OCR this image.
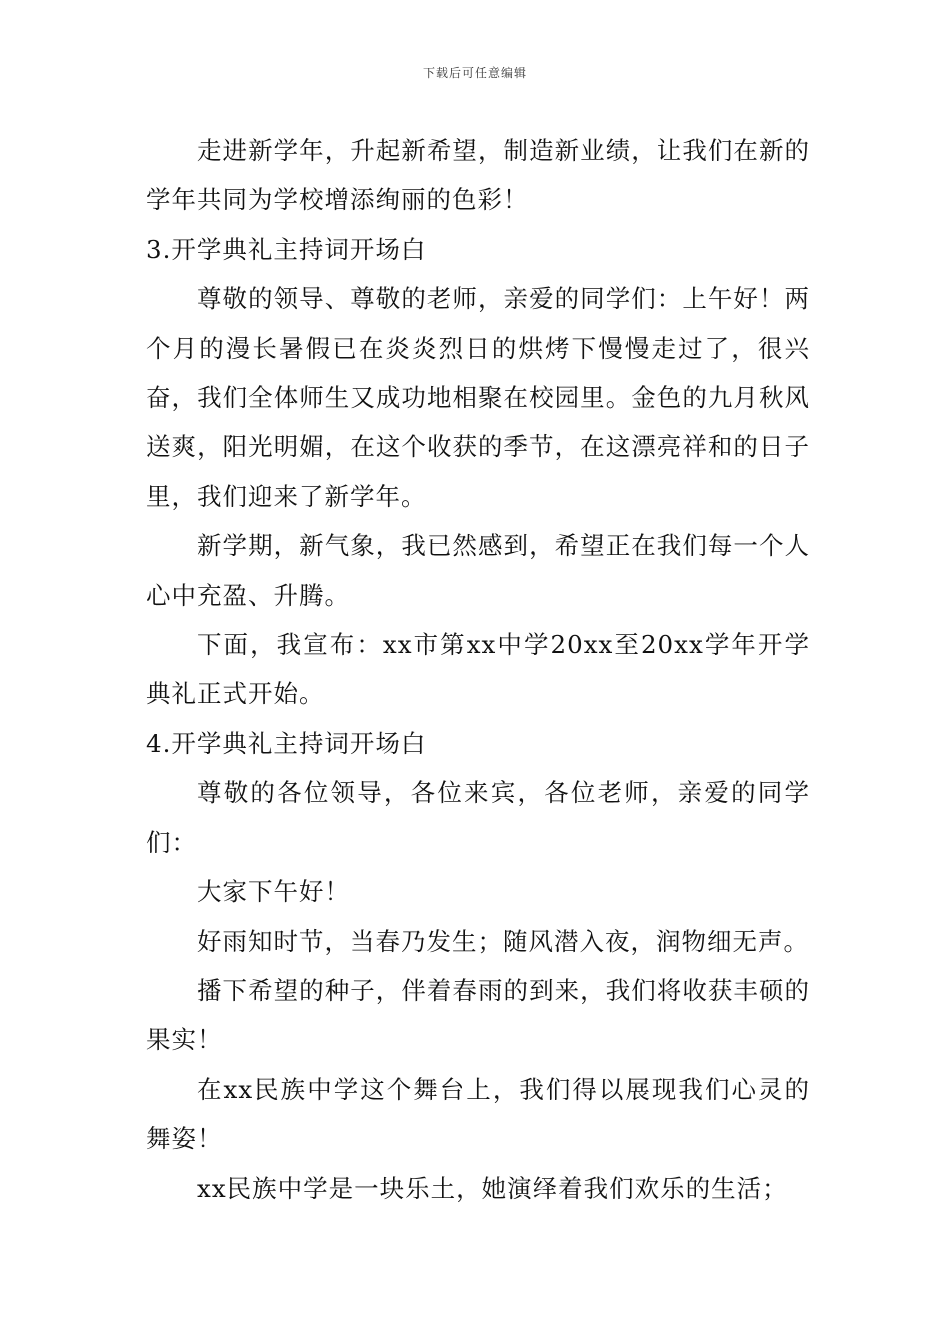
下载后可任意编辑

走进新学年，升起新希望，制造新业绩，让我们在新的学年共同为学校增添绚丽的色彩！

3.开学典礼主持词开场白

尊敬的领导、尊敬的老师，亲爱的同学们：上午好！两个月的漫长暑假已在炎炎烈日的烘烤下慢慢走过了，很兴奋，我们全体师生又成功地相聚在校园里。金色的九月秋风送爽，阳光明媚，在这个收获的季节，在这漂亮祥和的日子里，我们迎来了新学年。

新学期，新气象，我已然感到，希望正在我们每一个人心中充盈、升腾。

下面，我宣布：xx市第xx中学20xx至20xx学年开学典礼正式开始。

4.开学典礼主持词开场白

尊敬的各位领导，各位来宾，各位老师，亲爱的同学们：

大家下午好！

好雨知时节，当春乃发生；随风潜入夜，润物细无声。

播下希望的种子，伴着春雨的到来，我们将收获丰硕的果实！

在xx民族中学这个舞台上，我们得以展现我们心灵的舞姿！

xx民族中学是一块乐土，她演绎着我们欢乐的生活；
